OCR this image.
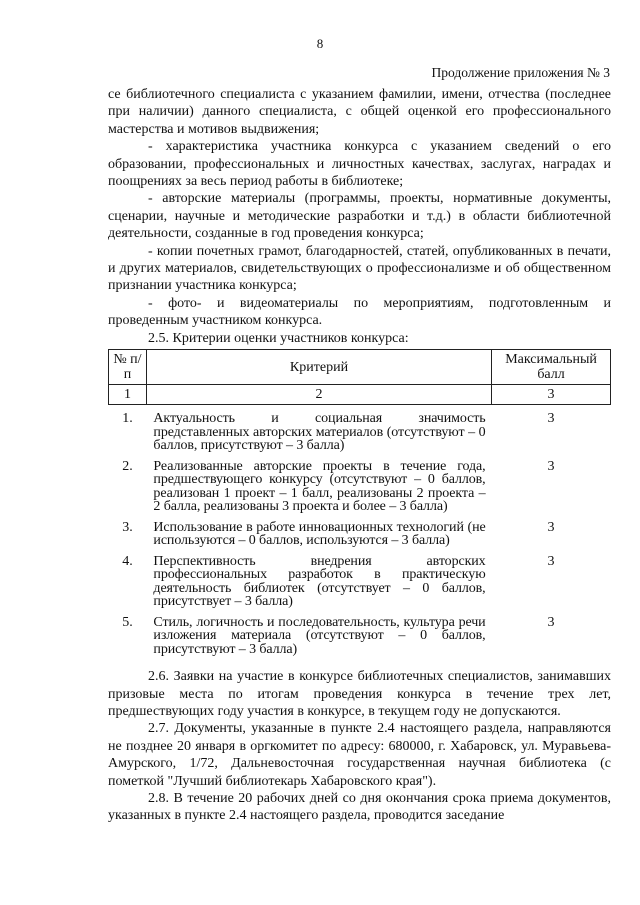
8
Продолжение приложения № 3

се библиотечного специалиста с указанием фамилии, имени, отчества (последнее при наличии) данного специалиста, с общей оценкой его профессионального мастерства и мотивов выдвижения;

- характеристика участника конкурса с указанием сведений о его образовании, профессиональных и личностных качествах, заслугах, наградах и поощрениях за весь период работы в библиотеке;

- авторские материалы (программы, проекты, нормативные документы, сценарии, научные и методические разработки и т.д.) в области библиотечной деятельности, созданные в год проведения конкурса;

- копии почетных грамот, благодарностей, статей, опубликованных в печати, и других материалов, свидетельствующих о профессионализме и об общественном признании участника конкурса;

- фото- и видеоматериалы по мероприятиям, подготовленным и проведенным участником конкурса.

2.5. Критерии оценки участников конкурса:

№ п/п	Критерий	Максимальный балл
1	2	3
1.	Актуальность и социальная значимость представленных авторских материалов (отсутствуют – 0 баллов, присутствуют – 3 балла)	3
2.	Реализованные авторские проекты в течение года, предшествующего конкурсу (отсутствуют – 0 баллов, реализован 1 проект – 1 балл, реализованы 2 проекта – 2 балла, реализованы 3 проекта и более – 3 балла)	3
3.	Использование в работе инновационных технологий (не используются – 0 баллов, используются – 3 балла)	3
4.	Перспективность внедрения авторских профессиональных разработок в практическую деятельность библиотек (отсутствует – 0 баллов, присутствует – 3 балла)	3
5.	Стиль, логичность и последовательность, культура речи изложения материала (отсутствуют – 0 баллов, присутствуют – 3 балла)	3

2.6. Заявки на участие в конкурсе библиотечных специалистов, занимавших призовые места по итогам проведения конкурса в течение трех лет, предшествующих году участия в конкурсе, в текущем году не допускаются.

2.7. Документы, указанные в пункте 2.4 настоящего раздела, направляются не позднее 20 января в оргкомитет по адресу: 680000, г. Хабаровск, ул. Муравьева-Амурского, 1/72, Дальневосточная государственная научная библиотека (с пометкой "Лучший библиотекарь Хабаровского края").

2.8. В течение 20 рабочих дней со дня окончания срока приема документов, указанных в пункте 2.4 настоящего раздела, проводится заседание
